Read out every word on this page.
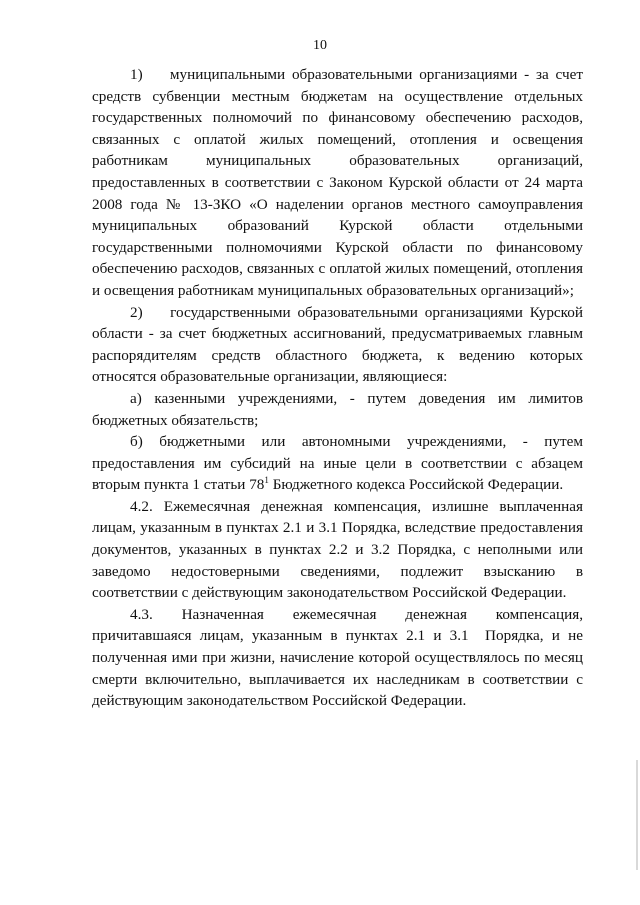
10

1)    муниципальными образовательными организациями - за счет средств субвенции местным бюджетам на осуществление отдельных государственных полномочий по финансовому обеспечению расходов, связанных с оплатой жилых помещений, отопления и освещения работникам муниципальных образовательных организаций, предоставленных в соответствии с Законом Курской области от 24 марта 2008 года № 13-ЗКО «О наделении органов местного самоуправления муниципальных образований Курской области отдельными государственными полномочиями Курской области по финансовому обеспечению расходов, связанных с оплатой жилых помещений, отопления и освещения работникам муниципальных образовательных организаций»;

2)    государственными образовательными организациями Курской области - за счет бюджетных ассигнований, предусматриваемых главным распорядителям средств областного бюджета, к ведению которых относятся образовательные организации, являющиеся:

а) казенными учреждениями, - путем доведения им лимитов бюджетных обязательств;

б) бюджетными или автономными учреждениями, - путем предоставления им субсидий на иные цели в соответствии с абзацем вторым пункта 1 статьи $78^1$ Бюджетного кодекса Российской Федерации.

4.2. Ежемесячная денежная компенсация, излишне выплаченная лицам, указанным в пунктах 2.1 и 3.1 Порядка, вследствие предоставления документов, указанных в пунктах 2.2 и 3.2 Порядка, с неполными или заведомо недостоверными сведениями, подлежит взысканию в соответствии с действующим законодательством Российской Федерации.

4.3. Назначенная ежемесячная денежная компенсация, причитавшаяся лицам, указанным в пунктах 2.1 и 3.1  Порядка, и не полученная ими при жизни, начисление которой осуществлялось по месяц смерти включительно, выплачивается их наследникам в соответствии с действующим законодательством Российской Федерации.
